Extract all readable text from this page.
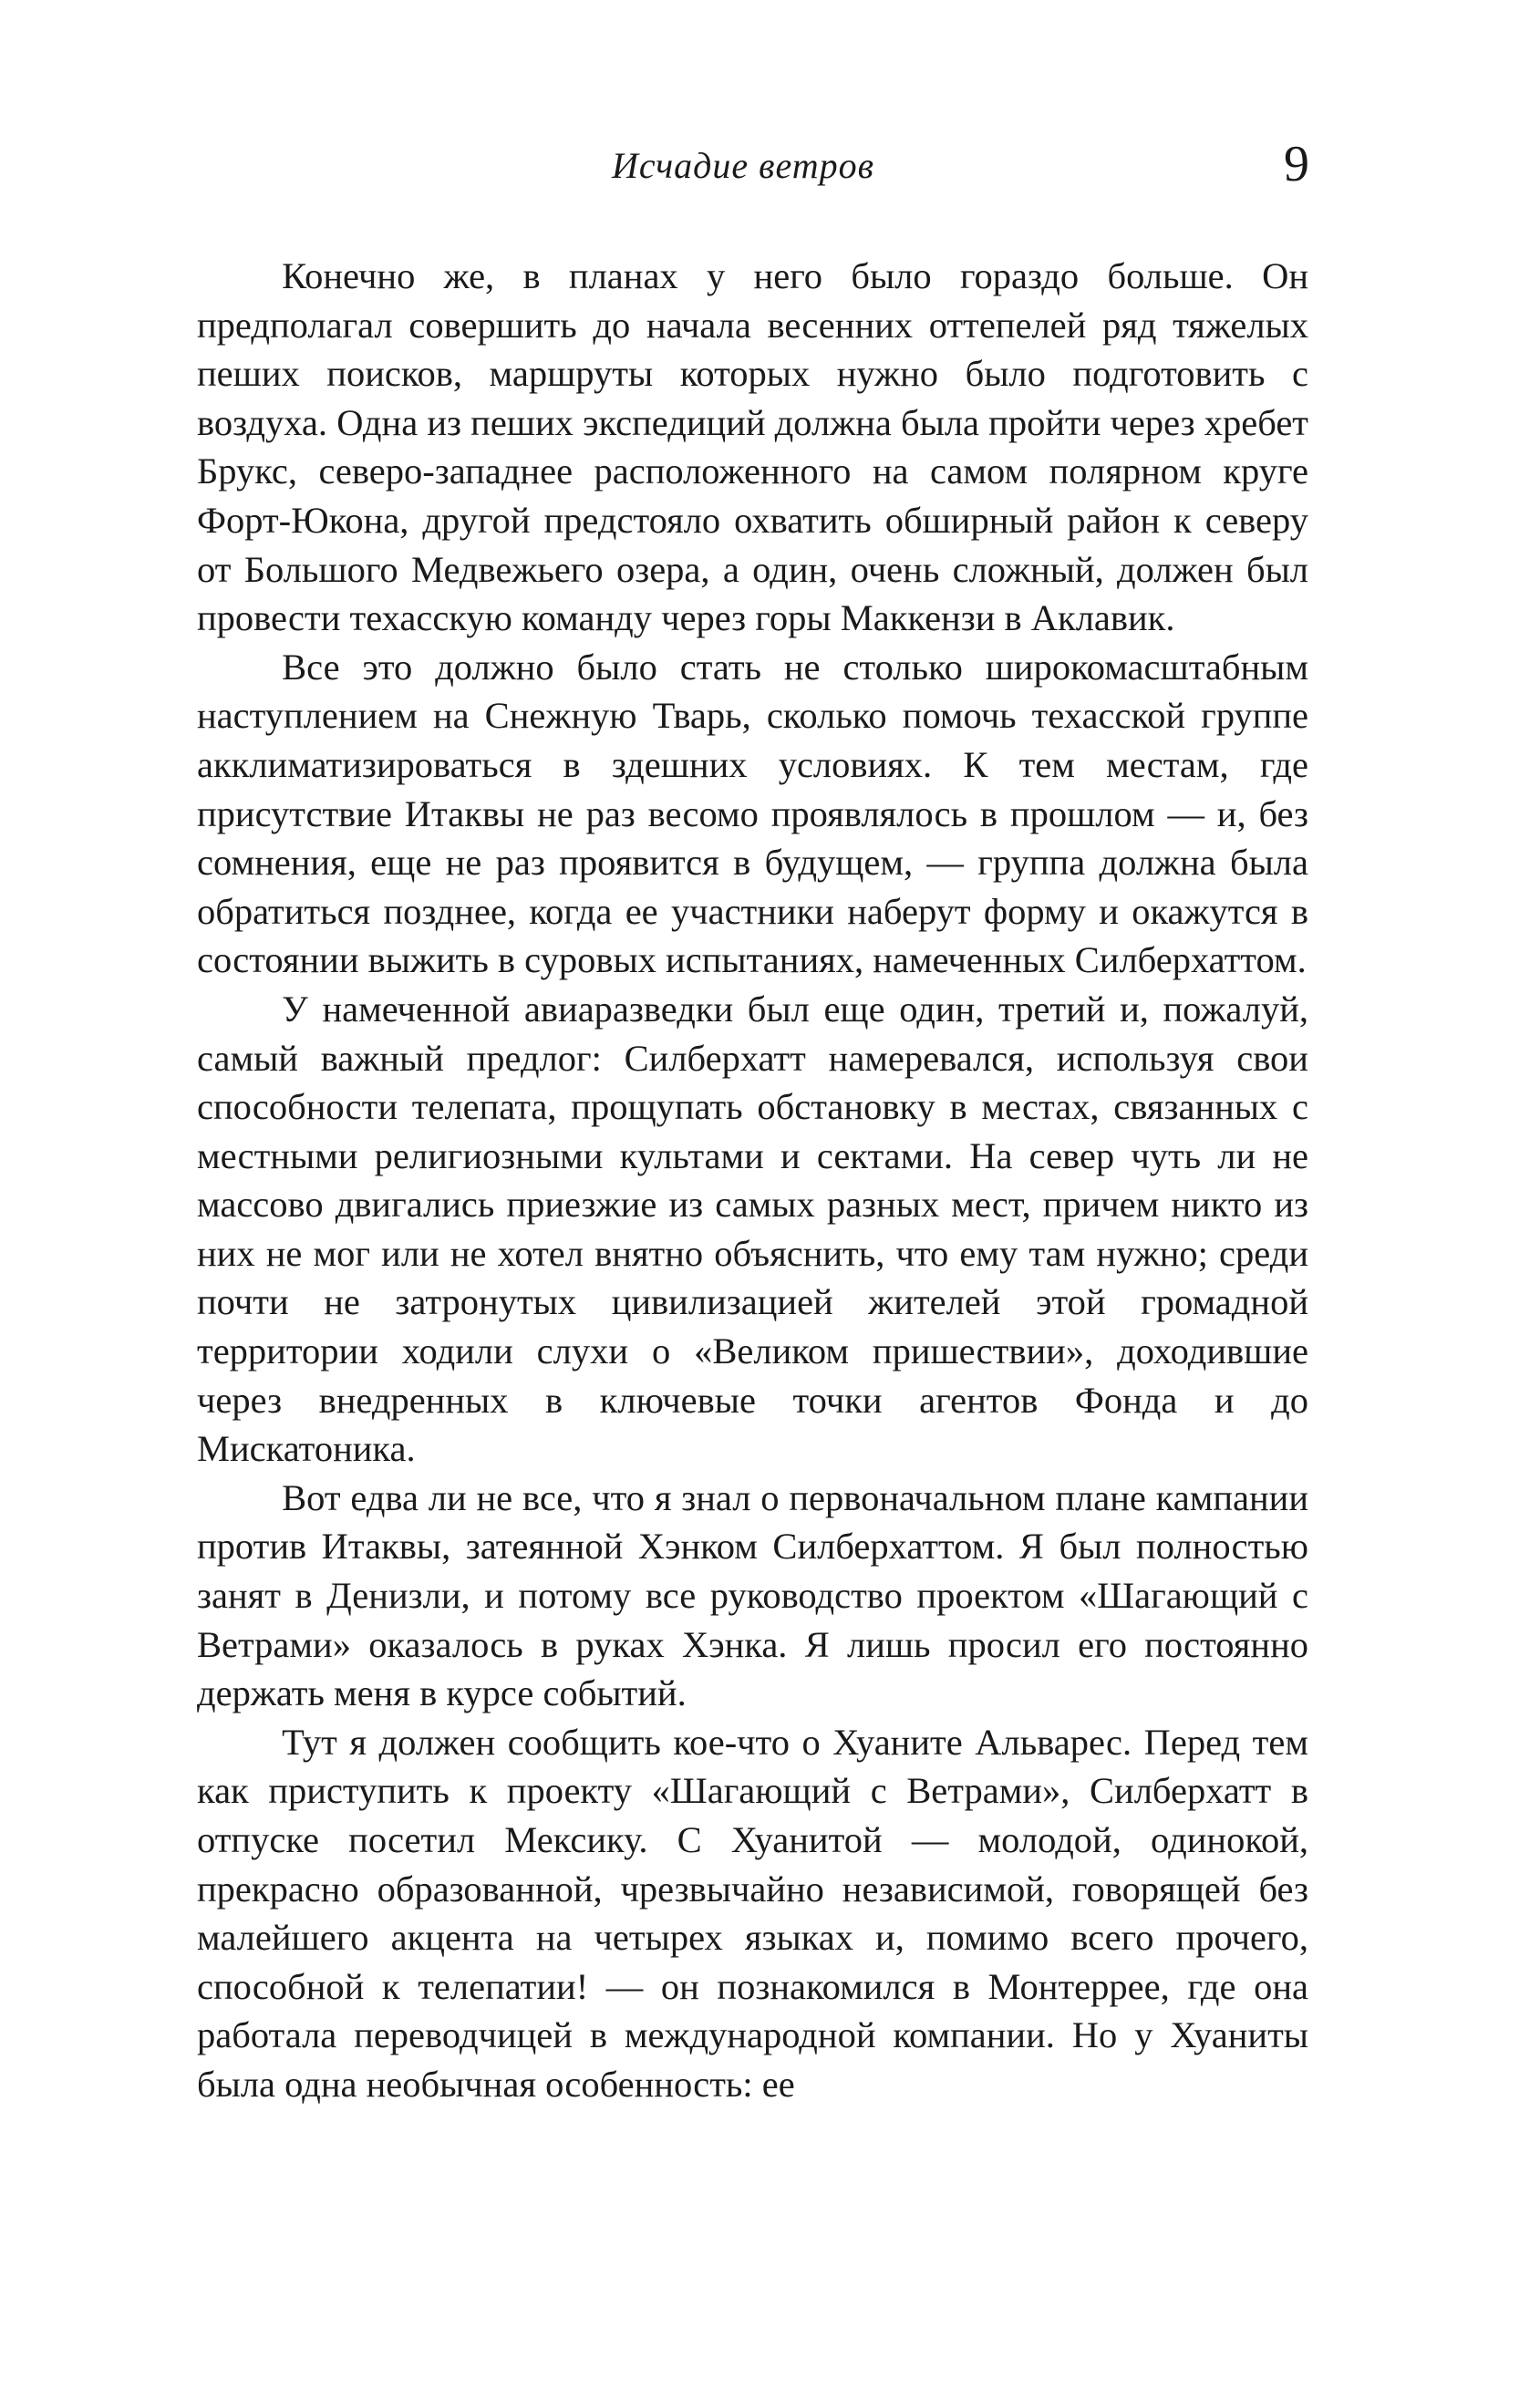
Исчадие ветров	9

Конечно же, в планах у него было гораздо больше. Он предполагал совершить до начала весенних оттепелей ряд тяжелых пеших поисков, маршруты которых нужно было подготовить с воздуха. Одна из пеших экспедиций должна была пройти через хребет Брукс, северо-западнее расположенного на самом полярном круге Форт-Юкона, другой предстояло охватить обширный район к северу от Большого Медвежьего озера, а один, очень сложный, должен был провести техасскую команду через горы Маккензи в Аклавик.

Все это должно было стать не столько широкомасштабным наступлением на Снежную Тварь, сколько помочь техасской группе акклиматизироваться в здешних условиях. К тем местам, где присутствие Итаквы не раз весомо проявлялось в прошлом — и, без сомнения, еще не раз проявится в будущем, — группа должна была обратиться позднее, когда ее участники наберут форму и окажутся в состоянии выжить в суровых испытаниях, намеченных Силберхаттом.

У намеченной авиаразведки был еще один, третий и, пожалуй, самый важный предлог: Силберхатт намеревался, используя свои способности телепата, прощупать обстановку в местах, связанных с местными религиозными культами и сектами. На север чуть ли не массово двигались приезжие из самых разных мест, причем никто из них не мог или не хотел внятно объяснить, что ему там нужно; среди почти не затронутых цивилизацией жителей этой громадной территории ходили слухи о «Великом пришествии», доходившие через внедренных в ключевые точки агентов Фонда и до Мискатоника.

Вот едва ли не все, что я знал о первоначальном плане кампании против Итаквы, затеянной Хэнком Силберхаттом. Я был полностью занят в Денизли, и потому все руководство проектом «Шагающий с Ветрами» оказалось в руках Хэнка. Я лишь просил его постоянно держать меня в курсе событий.

Тут я должен сообщить кое-что о Хуаните Альварес. Перед тем как приступить к проекту «Шагающий с Ветрами», Силберхатт в отпуске посетил Мексику. С Хуанитой — молодой, одинокой, прекрасно образованной, чрезвычайно независимой, говорящей без малейшего акцента на четырех языках и, помимо всего прочего, способной к телепатии! — он познакомился в Монтеррее, где она работала переводчицей в международной компании. Но у Хуаниты была одна необычная особенность: ее
